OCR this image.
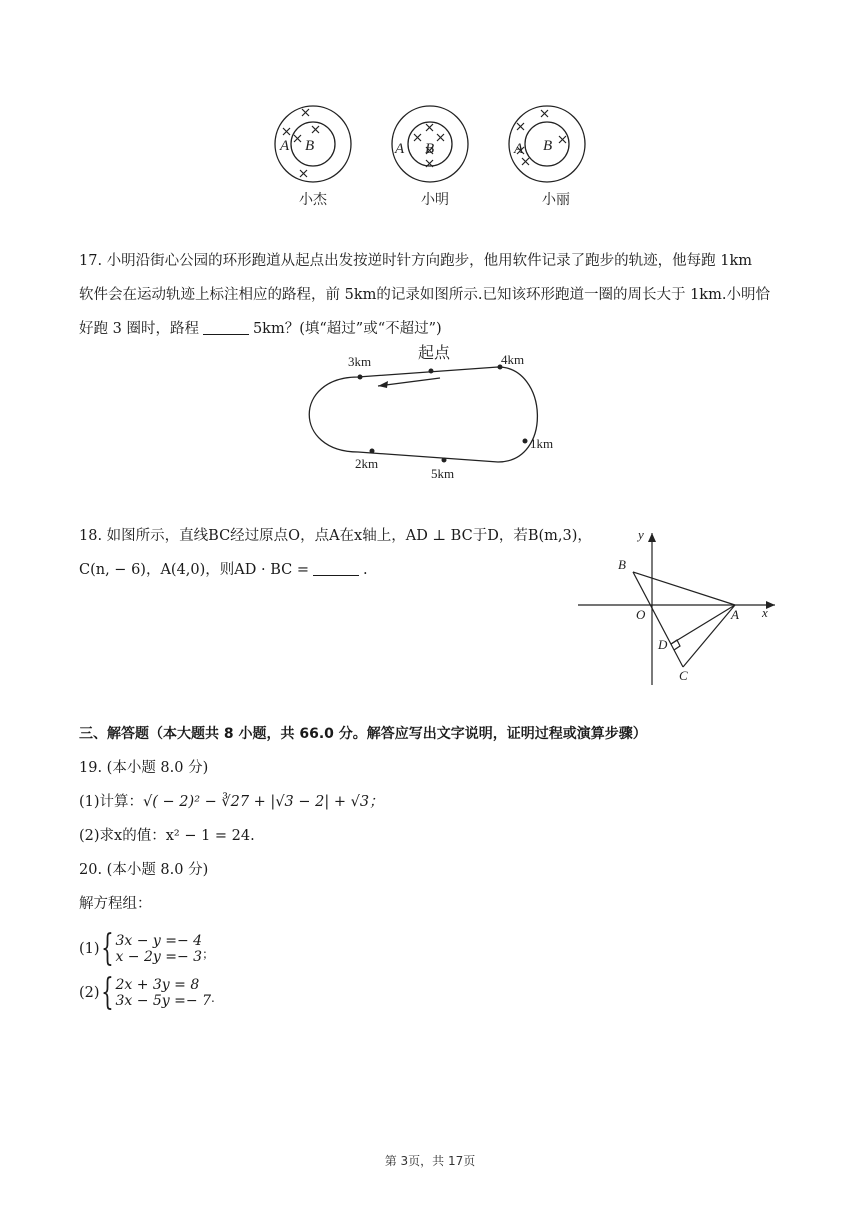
A B	A B	A B
小杰	小明	小丽
17. 小明沿街心公园的环形跑道从起点出发按逆时针方向跑步，他用软件记录了跑步的轨迹，他每跑 1km
软件会在运动轨迹上标注相应的路程，前 5km的记录如图所示.已知该环形跑道一圈的周长大于 1km.小明恰
好跑 3 圈时，路程	5km？(填“超过”或“不超过”)
3km	起点	4km
1km
2km
5km
18. 如图所示，直线BC经过原点O，点A在x轴上，AD ⊥ BC于D，若B(m,3)，
C(n, − 6)，A(4,0)，则AD · BC =	.
x
y
O	A
B
C
D
三、解答题（本大题共 8 小题，共 66.0 分。解答应写出文字说明，证明过程或演算步骤）
19. (本小题 8.0 分)
(1)计算：√( − 2)² − ∛27 + |√3 − 2| + √3；
(2)求x的值：x² − 1 = 24.
20. (本小题 8.0 分)
解方程组：
(1) { 3x − y =− 4
x − 2y =− 3 ；
(2) { 2x + 3y = 8
3x − 5y =− 7 .
第 3页，共 17页
